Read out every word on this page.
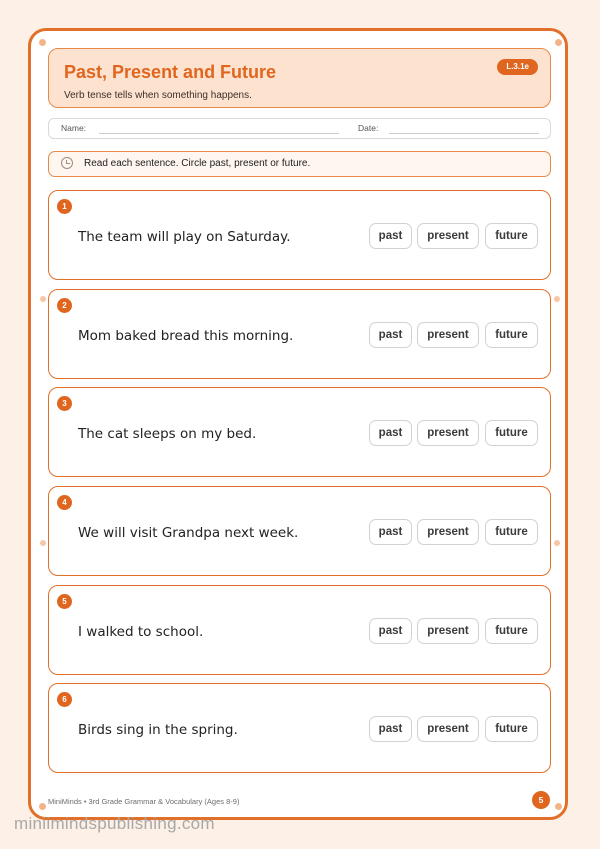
Past, Present and Future
Verb tense tells when something happens.
L.3.1e
Name:	Date:
Read each sentence. Circle past, present or future.
1
The team will play on Saturday.	past	present	future
2
Mom baked bread this morning.	past	present	future
3
The cat sleeps on my bed.	past	present	future
4
We will visit Grandpa next week.	past	present	future
5
I walked to school.	past	present	future
6
Birds sing in the spring.	past	present	future
MiniMinds • 3rd Grade Grammar & Vocabulary (Ages 8-9)	5
miniimindspublishing.com
